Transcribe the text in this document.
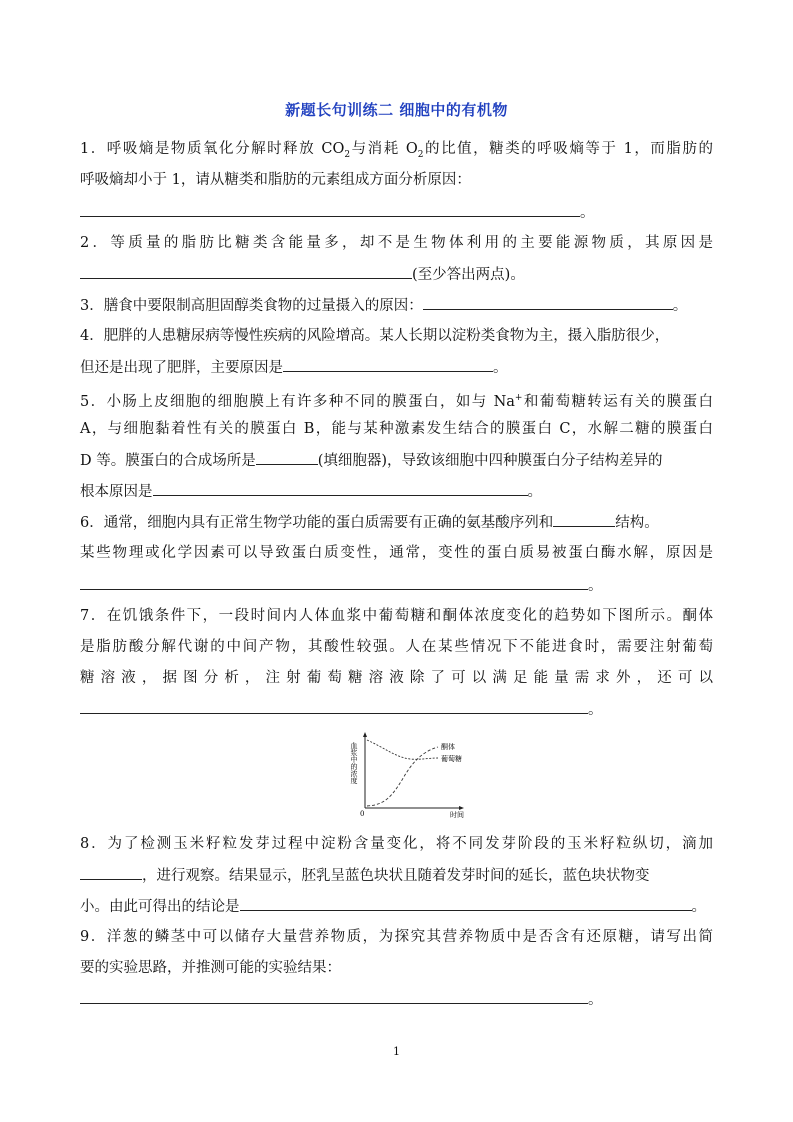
新题长句训练二 细胞中的有机物
1．呼吸熵是物质氧化分解时释放 $CO_2$与消耗 $O_2$的比值，糖类的呼吸熵等于 1，而脂肪的
呼吸熵却小于 1，请从糖类和脂肪的元素组成方面分析原因：
。
2．等质量的脂肪比糖类含能量多，却不是生物体利用的主要能源物质，其原因是
(至少答出两点)。
3．膳食中要限制高胆固醇类食物的过量摄入的原因：	。
4．肥胖的人患糖尿病等慢性疾病的风险增高。某人长期以淀粉类食物为主，摄入脂肪很少，
但还是出现了肥胖，主要原因是	。
5．小肠上皮细胞的细胞膜上有许多种不同的膜蛋白，如与 Na+和葡萄糖转运有关的膜蛋白
A，与细胞黏着性有关的膜蛋白 B，能与某种激素发生结合的膜蛋白 C，水解二糖的膜蛋白
D 等。膜蛋白的合成场所是	(填细胞器)，导致该细胞中四种膜蛋白分子结构差异的
根本原因是	。
6．通常，细胞内具有正常生物学功能的蛋白质需要有正确的氨基酸序列和	结构。
某些物理或化学因素可以导致蛋白质变性，通常，变性的蛋白质易被蛋白酶水解，原因是
。
7．在饥饿条件下，一段时间内人体血浆中葡萄糖和酮体浓度变化的趋势如下图所示。酮体
是脂肪酸分解代谢的中间产物，其酸性较强。人在某些情况下不能进食时，需要注射葡萄
糖溶液，据图分析，注射葡萄糖溶液除了可以满足能量需求外，还可以
。
血浆中的浓度
0	时间
酮体
葡萄糖
8．为了检测玉米籽粒发芽过程中淀粉含量变化，将不同发芽阶段的玉米籽粒纵切，滴加
，进行观察。结果显示，胚乳呈蓝色块状且随着发芽时间的延长，蓝色块状物变
小。由此可得出的结论是	。
9．洋葱的鳞茎中可以储存大量营养物质，为探究其营养物质中是否含有还原糖，请写出简
要的实验思路，并推测可能的实验结果：
。
1
